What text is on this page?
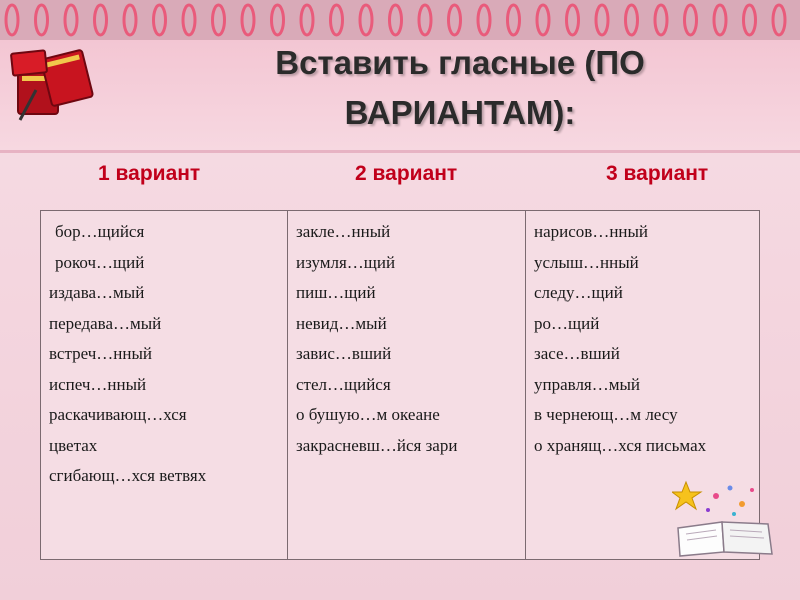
Вставить гласные (ПО ВАРИАНТАМ):
1 вариант	2 вариант	3 вариант
бор…щийся
рокоч…щий
издава…мый
передава…мый
встреч…нный
испеч…нный
раскачивающ…хся
цветах
сгибающ…хся ветвях
закле…нный
изумля…щий
пиш…щий
невид…мый
завис…вший
стел…щийся
о бушую…м океане
закрасневш…йся зари
нарисов…нный
услыш…нный
следу…щий
ро…щий
засе…вший
управля…мый
в чернеющ…м лесу
о хранящ…хся письмах
